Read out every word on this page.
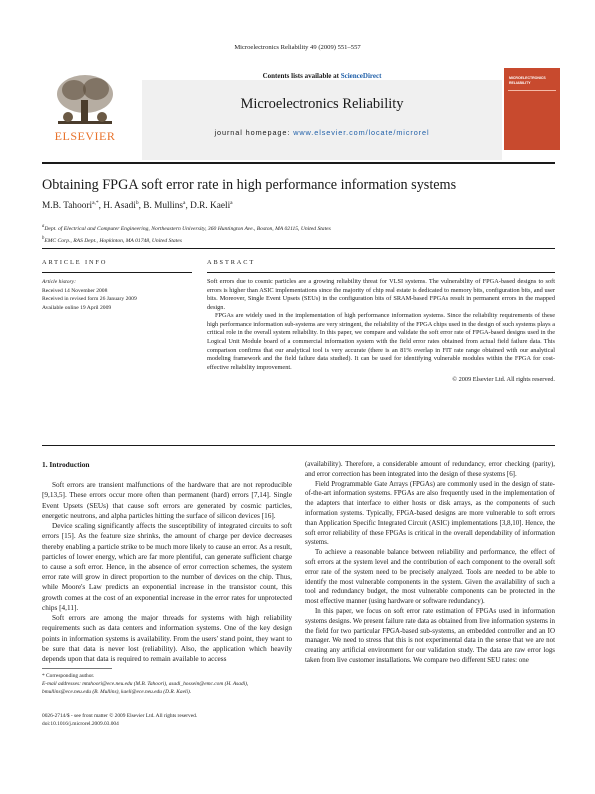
Microelectronics Reliability 49 (2009) 551–557
ELSEVIER
Contents lists available at ScienceDirect
Microelectronics Reliability
journal homepage: www.elsevier.com/locate/microrel
MICROELECTRONICS RELIABILITY
Obtaining FPGA soft error rate in high performance information systems
M.B. Tahoori$^{a,*}$, H. Asadi$^b$, B. Mullins$^a$, D.R. Kaeli$^a$
$^a$Dept. of Electrical and Computer Engineering, Northeastern University, 360 Huntington Ave., Boston, MA 02115, United States
$^b$EMC Corp., RAS Dept., Hopkinton, MA 01748, United States
ARTICLE INFO	ABSTRACT
Article history:
Received 14 November 2008
Received in revised form 26 January 2009
Available online 19 April 2009

Soft errors due to cosmic particles are a growing reliability threat for VLSI systems. The vulnerability of FPGA-based designs to soft errors is higher than ASIC implementations since the majority of chip real estate is dedicated to memory bits, configuration bits, and user bits. Moreover, Single Event Upsets (SEUs) in the configuration bits of SRAM-based FPGAs result in permanent errors in the mapped design.

FPGAs are widely used in the implementation of high performance information systems. Since the reliability requirements of these high performance information sub-systems are very stringent, the reliability of the FPGA chips used in the design of such systems plays a critical role in the overall system reliability. In this paper, we compare and validate the soft error rate of FPGA-based designs used in the Logical Unit Module board of a commercial information system with the field error rates obtained from actual field failure data. This comparison confirms that our analytical tool is very accurate (there is an 81% overlap in FIT rate range obtained with our analytical modeling framework and the field failure data studied). It can be used for identifying vulnerable modules within the FPGA for cost-effective reliability improvement.

© 2009 Elsevier Ltd. All rights reserved.

1. Introduction

Soft errors are transient malfunctions of the hardware that are not reproducible [9,13,5]. These errors occur more often than permanent (hard) errors [7,14]. Single Event Upsets (SEUs) that cause soft errors are generated by cosmic particles, energetic neutrons, and alpha particles hitting the surface of silicon devices [16].

Device scaling significantly affects the susceptibility of integrated circuits to soft errors [15]. As the feature size shrinks, the amount of charge per device decreases thereby enabling a particle strike to be much more likely to cause an error. As a result, particles of lower energy, which are far more plentiful, can generate sufficient charge to cause a soft error. Hence, in the absence of error correction schemes, the system error rate will grow in direct proportion to the number of devices on the chip. Thus, while Moore's Law predicts an exponential increase in the transistor count, this growth comes at the cost of an exponential increase in the error rates for unprotected chips [4,11].

Soft errors are among the major threads for systems with high reliability requirements such as data centers and information systems. One of the key design points in information systems is availability. From the users' stand point, they want to be sure that data is never lost (reliability). Also, the application which heavily depends upon that data is required to remain available to access

(availability). Therefore, a considerable amount of redundancy, error checking (parity), and error correction has been integrated into the design of these systems [6].

Field Programmable Gate Arrays (FPGAs) are commonly used in the design of state-of-the-art information systems. FPGAs are also frequently used in the implementation of the adapters that interface to either hosts or disk arrays, as the components of such information systems. Typically, FPGA-based designs are more vulnerable to soft errors than Application Specific Integrated Circuit (ASIC) implementations [3,8,10]. Hence, the soft error reliability of these FPGAs is critical in the overall dependability of information systems.

To achieve a reasonable balance between reliability and performance, the effect of soft errors at the system level and the contribution of each component to the overall soft error rate of the system need to be precisely analyzed. Tools are needed to be able to identify the most vulnerable components in the system. Given the availability of such a tool and redundancy budget, the most vulnerable components can be protected in the most effective manner (using hardware or software redundancy).

In this paper, we focus on soft error rate estimation of FPGAs used in information systems designs. We present failure rate data as obtained from live information systems in the field for two particular FPGA-based sub-systems, an embedded controller and an IO manager. We need to stress that this is not experimental data in the sense that we are not creating any artificial environment for our validation study. The data are raw error logs taken from live customer installations. We compare two different SEU rates: one

* Corresponding author.
E-mail addresses: mtahoori@ece.neu.edu (M.B. Tahoori), asadi_hossein@emc.com (H. Asadi), bmullins@ece.neu.edu (B. Mullins), kaeli@ece.neu.edu (D.R. Kaeli).
0026-2714/$ - see front matter © 2009 Elsevier Ltd. All rights reserved.
doi:10.1016/j.microrel.2009.03.004
